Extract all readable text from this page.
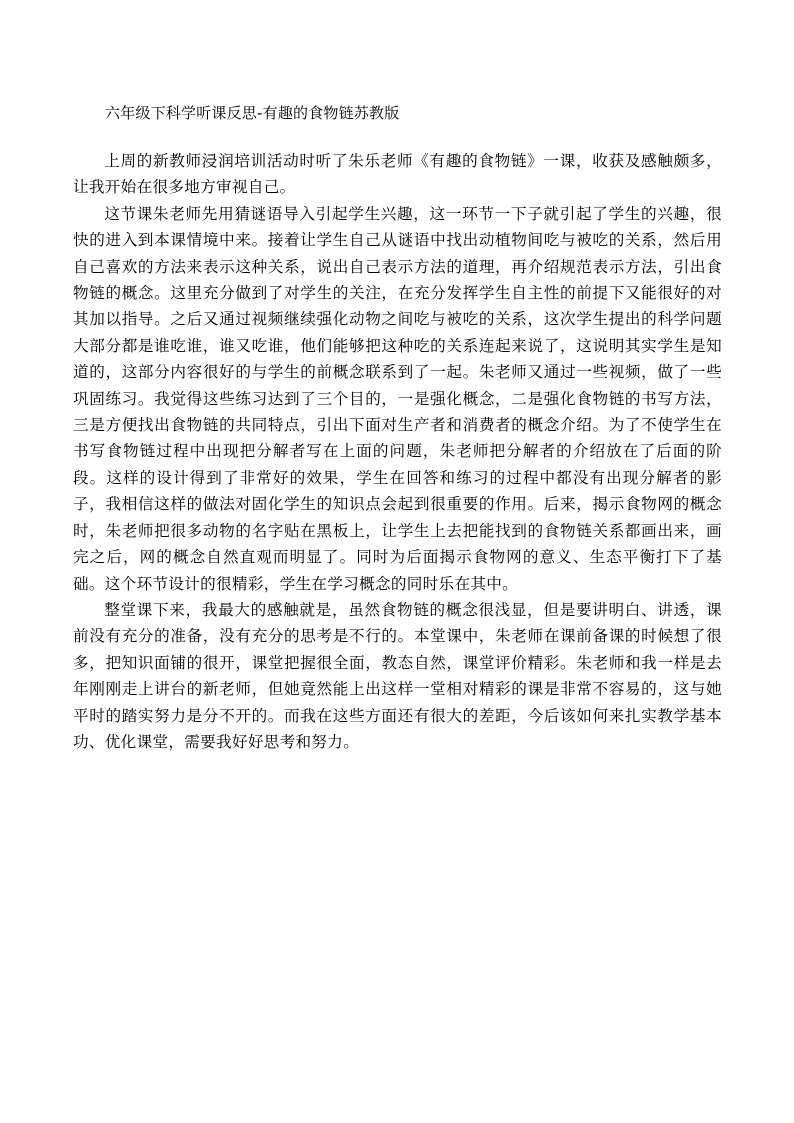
六年级下科学听课反思-有趣的食物链苏教版

上周的新教师浸润培训活动时听了朱乐老师《有趣的食物链》一课，收获及感触颇多，让我开始在很多地方审视自己。

这节课朱老师先用猜谜语导入引起学生兴趣，这一环节一下子就引起了学生的兴趣，很快的进入到本课情境中来。接着让学生自己从谜语中找出动植物间吃与被吃的关系，然后用自己喜欢的方法来表示这种关系，说出自己表示方法的道理，再介绍规范表示方法，引出食物链的概念。这里充分做到了对学生的关注，在充分发挥学生自主性的前提下又能很好的对其加以指导。之后又通过视频继续强化动物之间吃与被吃的关系，这次学生提出的科学问题大部分都是谁吃谁，谁又吃谁，他们能够把这种吃的关系连起来说了，这说明其实学生是知道的，这部分内容很好的与学生的前概念联系到了一起。朱老师又通过一些视频，做了一些巩固练习。我觉得这些练习达到了三个目的，一是强化概念，二是强化食物链的书写方法，三是方便找出食物链的共同特点，引出下面对生产者和消费者的概念介绍。为了不使学生在书写食物链过程中出现把分解者写在上面的问题，朱老师把分解者的介绍放在了后面的阶段。这样的设计得到了非常好的效果，学生在回答和练习的过程中都没有出现分解者的影子，我相信这样的做法对固化学生的知识点会起到很重要的作用。后来，揭示食物网的概念时，朱老师把很多动物的名字贴在黑板上，让学生上去把能找到的食物链关系都画出来，画完之后，网的概念自然直观而明显了。同时为后面揭示食物网的意义、生态平衡打下了基础。这个环节设计的很精彩，学生在学习概念的同时乐在其中。

整堂课下来，我最大的感触就是，虽然食物链的概念很浅显，但是要讲明白、讲透，课前没有充分的准备，没有充分的思考是不行的。本堂课中，朱老师在课前备课的时候想了很多，把知识面铺的很开，课堂把握很全面，教态自然，课堂评价精彩。朱老师和我一样是去年刚刚走上讲台的新老师，但她竟然能上出这样一堂相对精彩的课是非常不容易的，这与她平时的踏实努力是分不开的。而我在这些方面还有很大的差距，今后该如何来扎实教学基本功、优化课堂，需要我好好思考和努力。
